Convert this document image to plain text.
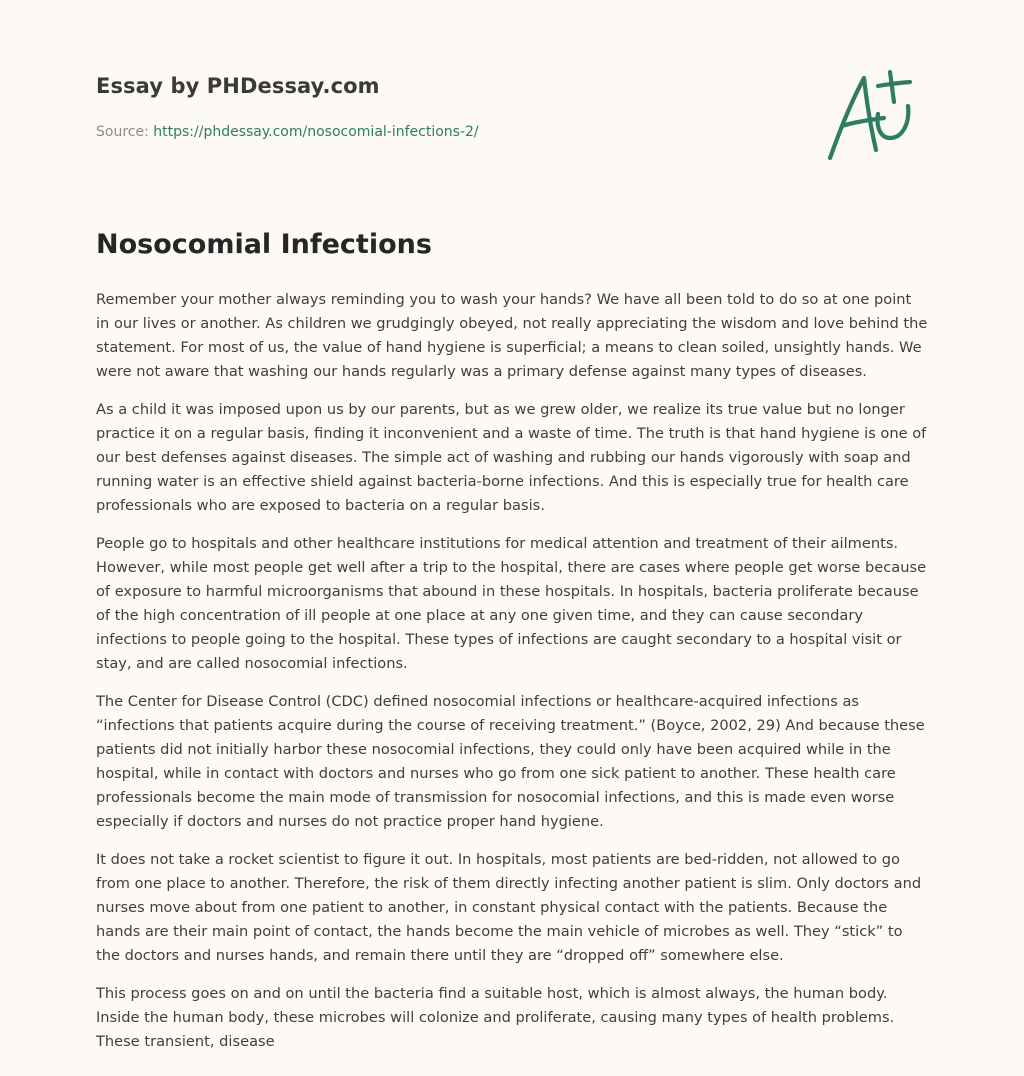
Essay by PHDessay.com

Source: https://phdessay.com/nosocomial-infections-2/

Nosocomial Infections

Remember your mother always reminding you to wash your hands? We have all been told to do so at one point in our lives or another. As children we grudgingly obeyed, not really appreciating the wisdom and love behind the statement. For most of us, the value of hand hygiene is superficial; a means to clean soiled, unsightly hands. We were not aware that washing our hands regularly was a primary defense against many types of diseases.

As a child it was imposed upon us by our parents, but as we grew older, we realize its true value but no longer practice it on a regular basis, finding it inconvenient and a waste of time. The truth is that hand hygiene is one of our best defenses against diseases. The simple act of washing and rubbing our hands vigorously with soap and running water is an effective shield against bacteria-borne infections. And this is especially true for health care professionals who are exposed to bacteria on a regular basis.

People go to hospitals and other healthcare institutions for medical attention and treatment of their ailments. However, while most people get well after a trip to the hospital, there are cases where people get worse because of exposure to harmful microorganisms that abound in these hospitals. In hospitals, bacteria proliferate because of the high concentration of ill people at one place at any one given time, and they can cause secondary infections to people going to the hospital. These types of infections are caught secondary to a hospital visit or stay, and are called nosocomial infections.

The Center for Disease Control (CDC) defined nosocomial infections or healthcare-acquired infections as “infections that patients acquire during the course of receiving treatment.” (Boyce, 2002, 29) And because these patients did not initially harbor these nosocomial infections, they could only have been acquired while in the hospital, while in contact with doctors and nurses who go from one sick patient to another. These health care professionals become the main mode of transmission for nosocomial infections, and this is made even worse especially if doctors and nurses do not practice proper hand hygiene.

It does not take a rocket scientist to figure it out. In hospitals, most patients are bed-ridden, not allowed to go from one place to another. Therefore, the risk of them directly infecting another patient is slim. Only doctors and nurses move about from one patient to another, in constant physical contact with the patients. Because the hands are their main point of contact, the hands become the main vehicle of microbes as well. They “stick” to the doctors and nurses hands, and remain there until they are “dropped off” somewhere else.

This process goes on and on until the bacteria find a suitable host, which is almost always, the human body. Inside the human body, these microbes will colonize and proliferate, causing many types of health problems. These transient, disease
